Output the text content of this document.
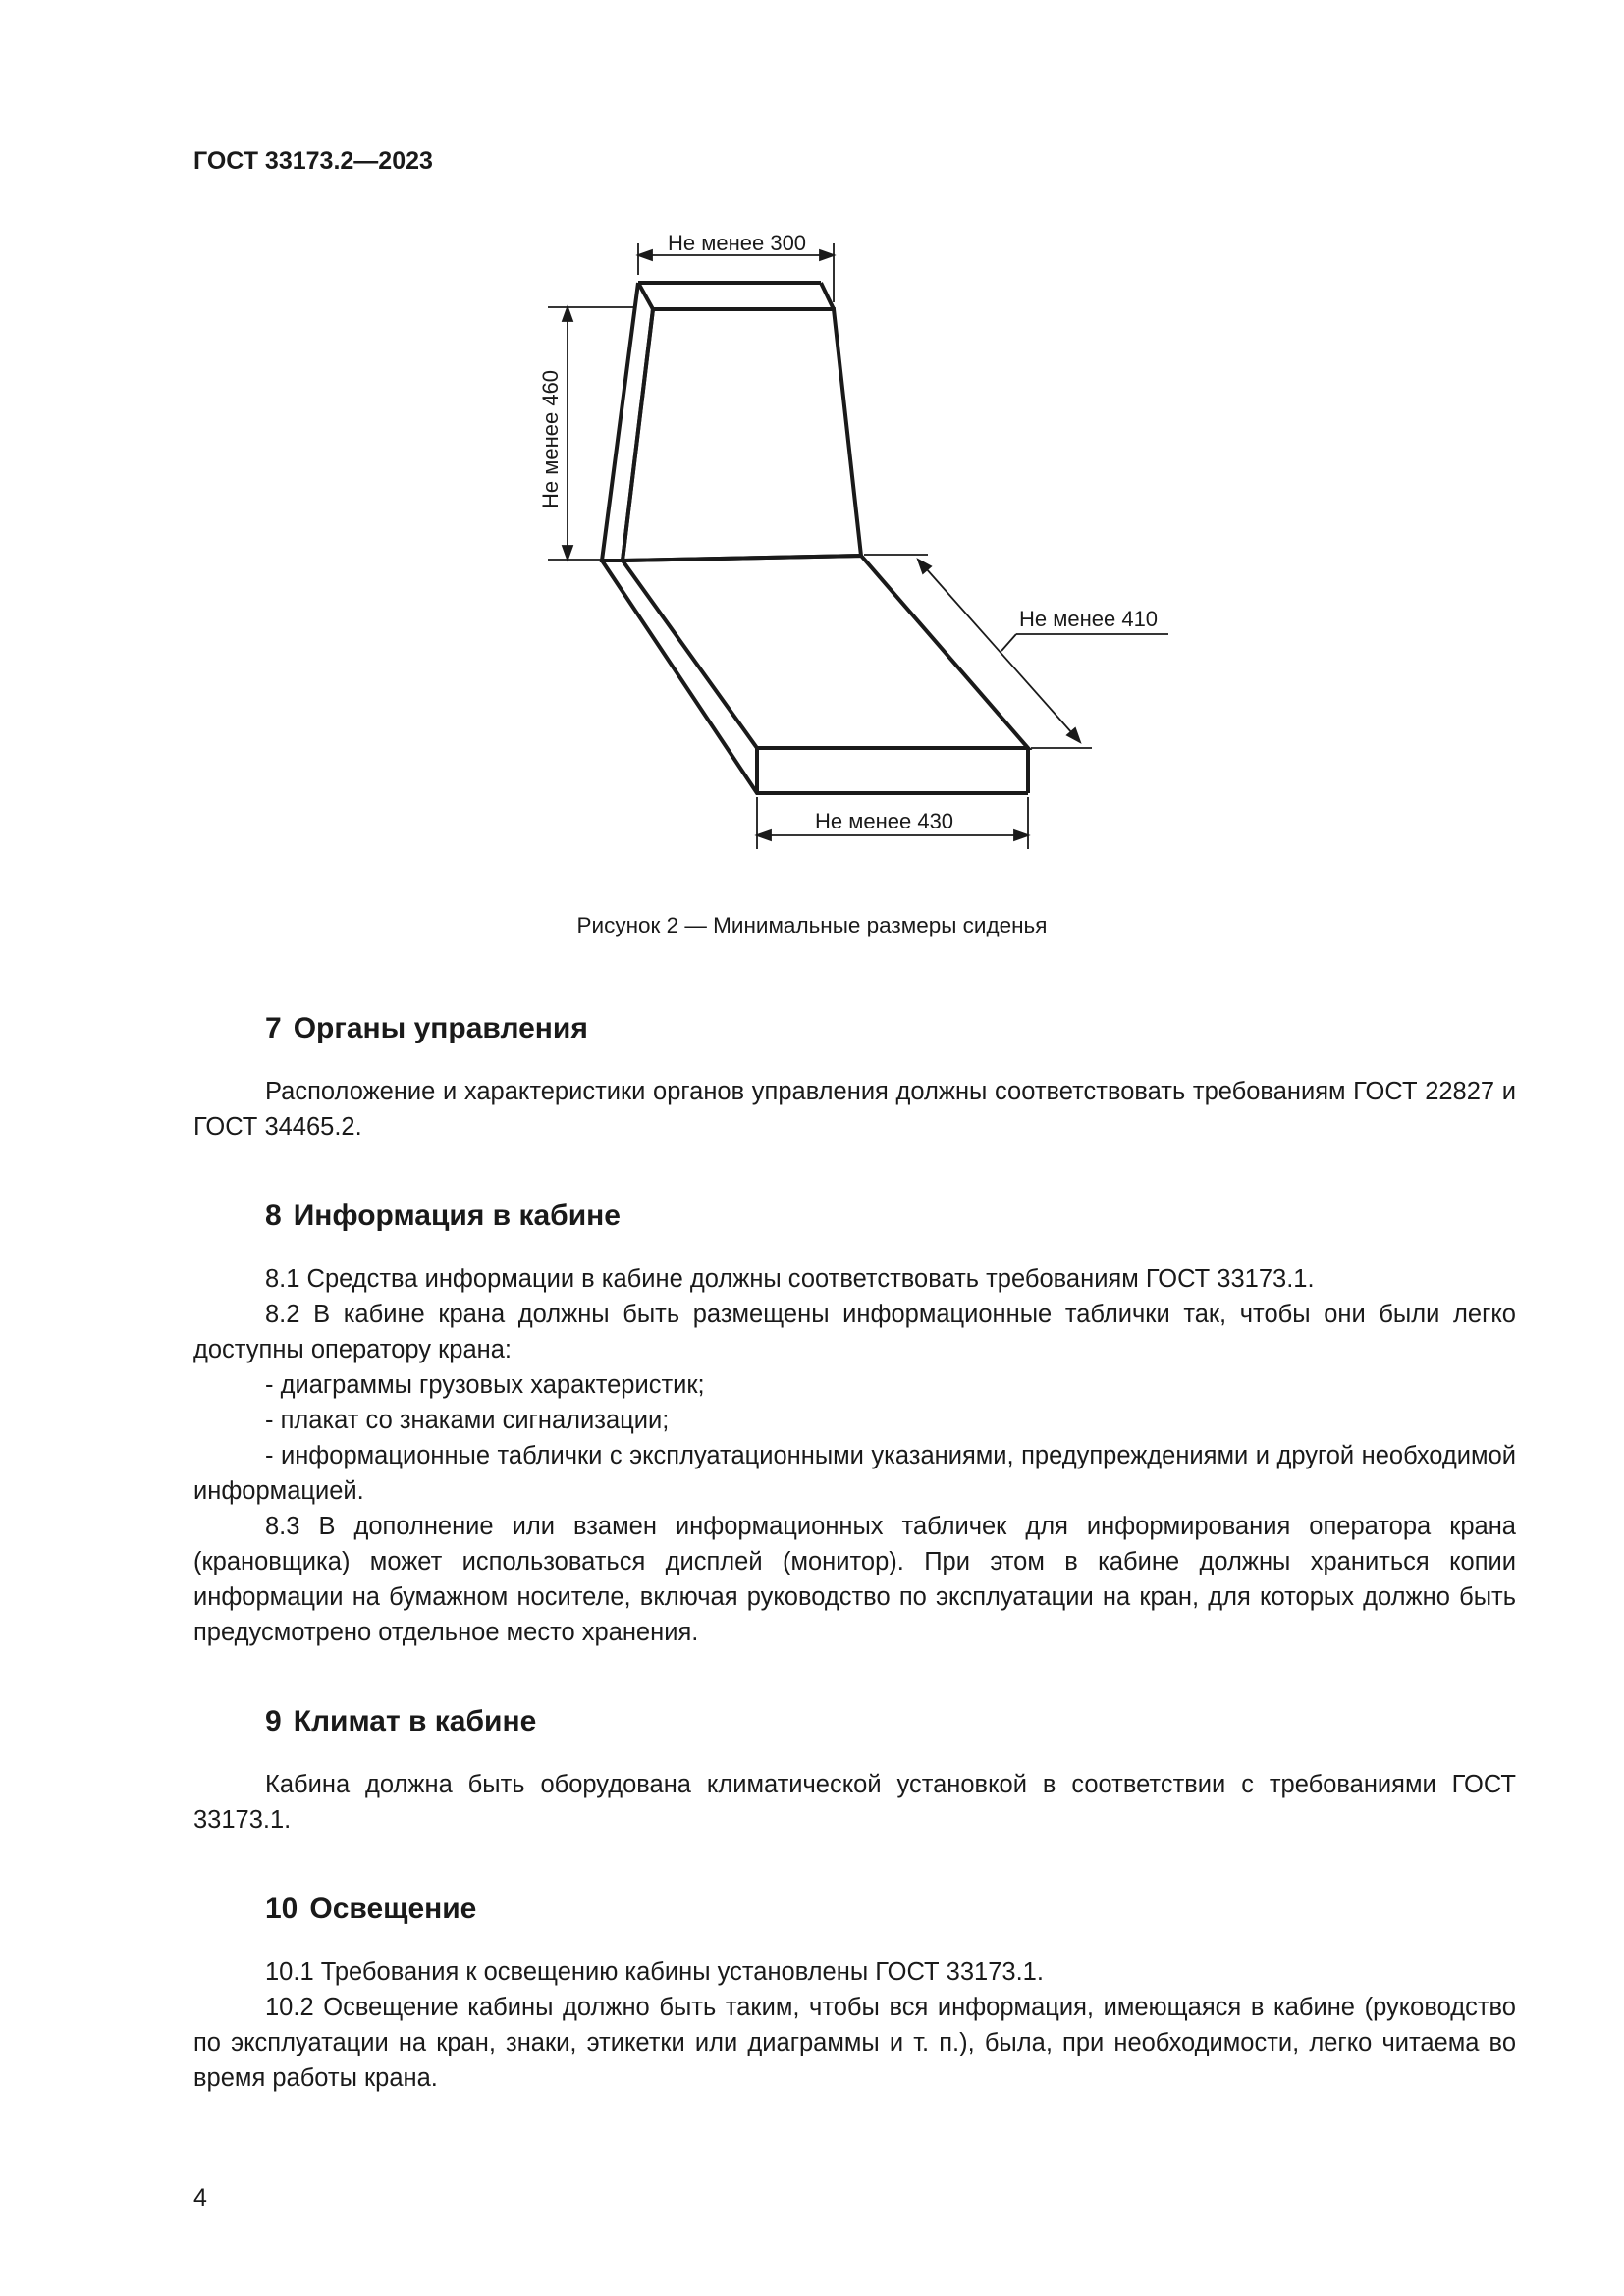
ГОСТ 33173.2—2023
Не менее 300
Не менее 460
Не менее 410
Не менее 430
Рисунок 2 — Минимальные размеры сиденья
7 Органы управления

Расположение и характеристики органов управления должны соответствовать требованиям ГОСТ 22827 и ГОСТ 34465.2.

8 Информация в кабине

8.1 Средства информации в кабине должны соответствовать требованиям ГОСТ 33173.1.

8.2 В кабине крана должны быть размещены информационные таблички так, чтобы они были легко доступны оператору крана:

- диаграммы грузовых характеристик;

- плакат со знаками сигнализации;

- информационные таблички с эксплуатационными указаниями, предупреждениями и другой необходимой информацией.

8.3 В дополнение или взамен информационных табличек для информирования оператора крана (крановщика) может использоваться дисплей (монитор). При этом в кабине должны храниться копии информации на бумажном носителе, включая руководство по эксплуатации на кран, для которых должно быть предусмотрено отдельное место хранения.

9 Климат в кабине

Кабина должна быть оборудована климатической установкой в соответствии с требованиями ГОСТ 33173.1.

10 Освещение

10.1 Требования к освещению кабины установлены ГОСТ 33173.1.

10.2 Освещение кабины должно быть таким, чтобы вся информация, имеющаяся в кабине (руководство по эксплуатации на кран, знаки, этикетки или диаграммы и т. п.), была, при необходимости, легко читаема во время работы крана.

4
